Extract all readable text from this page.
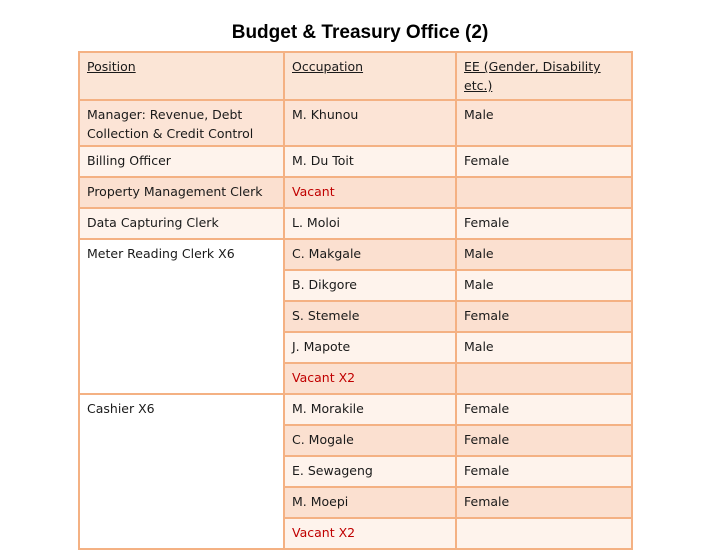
Budget & Treasury Office (2)
Position	Occupation	EE (Gender, Disability etc.)
Manager: Revenue, Debt Collection & Credit Control	M. Khunou	Male
Billing Officer	M. Du Toit	Female
Property Management Clerk	Vacant	
Data Capturing Clerk	L. Moloi	Female
Meter Reading Clerk X6	C. Makgale	Male
	B. Dikgore	Male
	S. Stemele	Female
	J. Mapote	Male
	Vacant X2	
Cashier X6	M. Morakile	Female
	C. Mogale	Female
	E. Sewageng	Female
	M. Moepi	Female
	Vacant X2	
